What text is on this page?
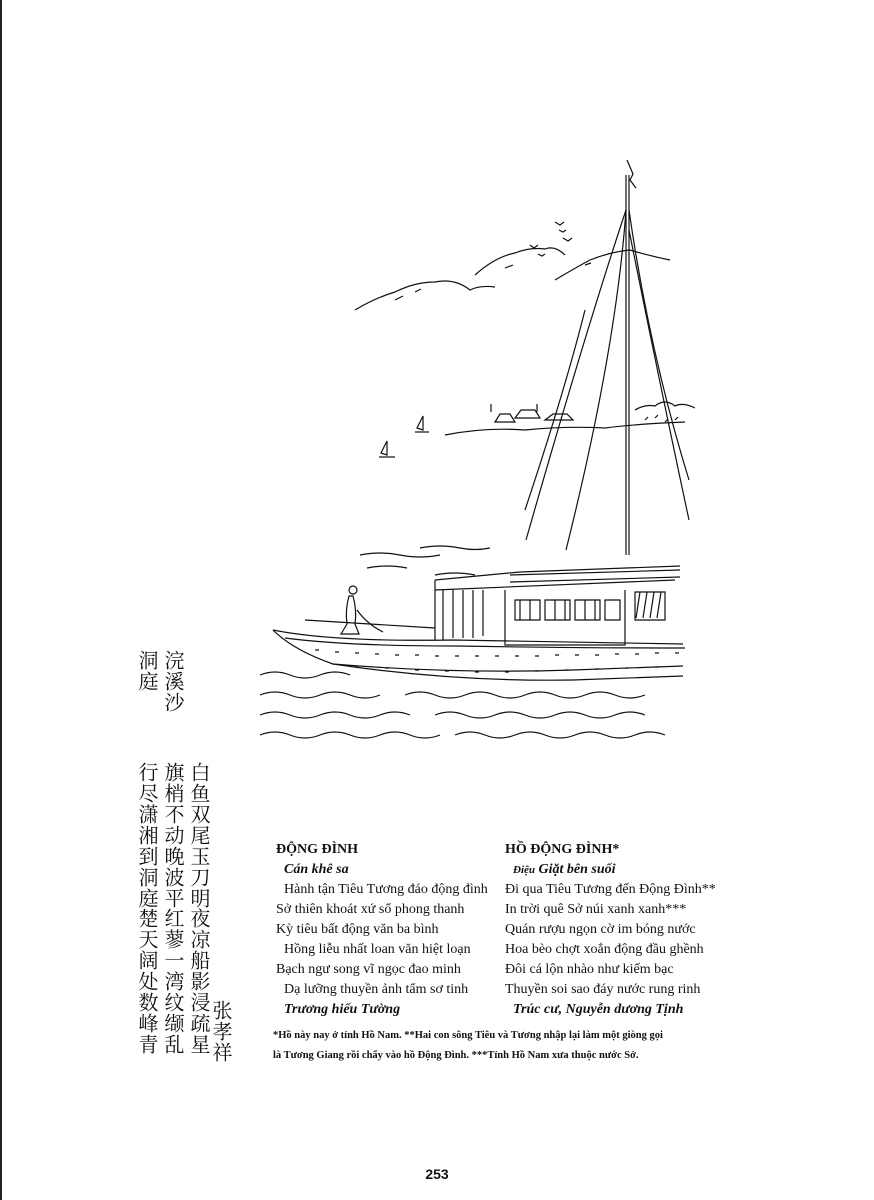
浣溪沙
洞庭
白鱼双尾玉刀明
旗梢不动晚波平
行尽潇湘到洞庭
夜凉船影浸疏星
红蓼一湾纹缬乱
楚天阔处数峰青	张孝祥
ĐỘNG ĐÌNH
Cán khê sa
Hành tận Tiêu Tương đáo động đình
Sở thiên khoát xứ sổ phong thanh
Kỳ tiêu bất động văn ba bình
Hồng liễu nhất loan văn hiệt loạn
Bạch ngư song vĩ ngọc đao minh
Dạ lưỡng thuyền ảnh tẩm sơ tinh
Trương hiếu Tường
HỒ ĐỘNG ĐÌNH*
Điệu Giặt bên suối
Đi qua Tiêu Tương đến Động Đình**
In trời quê Sở núi xanh xanh***
Quán rượu ngọn cờ im bóng nước
Hoa bèo chợt xoắn động đầu ghềnh
Đôi cá lộn nhào như kiếm bạc
Thuyền soi sao đáy nước rung rinh
Trúc cư, Nguyễn dương Tịnh
*Hồ này nay ở tỉnh Hồ Nam. **Hai con sông Tiêu và Tương nhập lại làm một giòng gọi
là Tương Giang rồi chẩy vào hồ Động Đình. ***Tỉnh Hồ Nam xưa thuộc nước Sở.
253
